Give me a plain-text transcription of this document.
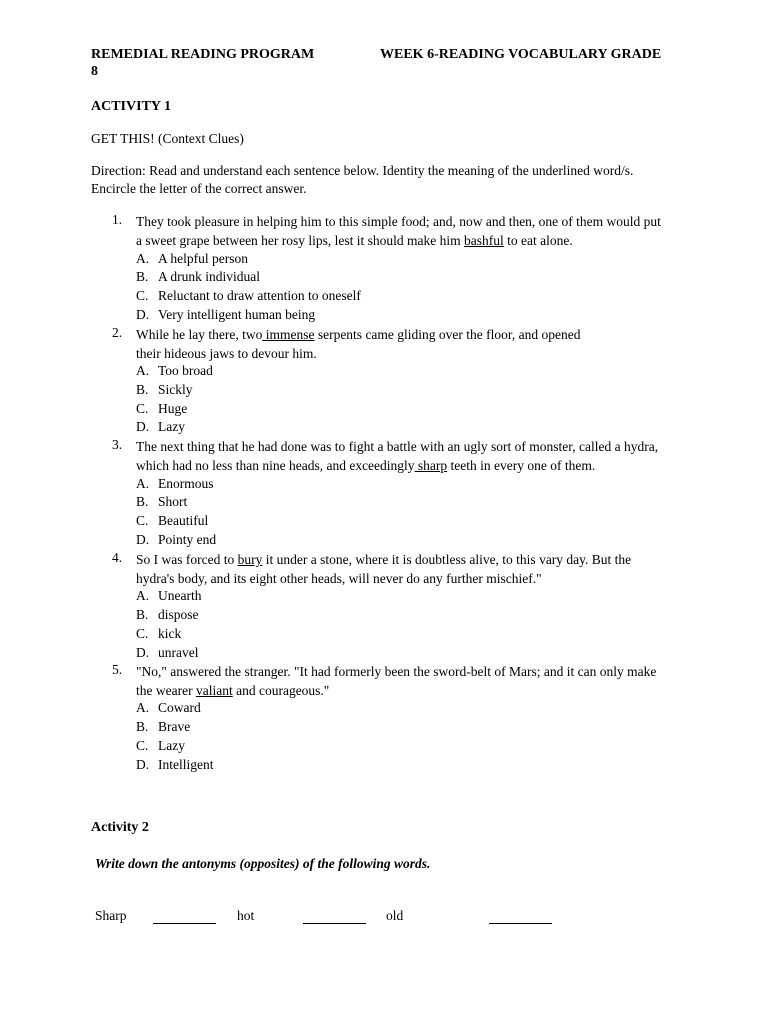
REMEDIAL READING PROGRAM	WEEK 6-READING VOCABULARY GRADE
8
ACTIVITY 1
GET THIS! (Context Clues)
Direction: Read and understand each sentence below. Identity the meaning of the underlined word/s.
Encircle the letter of the correct answer.
1. They took pleasure in helping him to this simple food; and, now and then, one of them would put
a sweet grape between her rosy lips, lest it should make him bashful to eat alone.
A. A helpful person
B. A drunk individual
C. Reluctant to draw attention to oneself
D. Very intelligent human being
2. While he lay there, two immense serpents came gliding over the floor, and opened
their hideous jaws to devour him.
A. Too broad
B. Sickly
C. Huge
D. Lazy
3. The next thing that he had done was to fight a battle with an ugly sort of monster, called a hydra,
which had no less than nine heads, and exceedingly sharp teeth in every one of them.
A. Enormous
B. Short
C. Beautiful
D. Pointy end
4. So I was forced to bury it under a stone, where it is doubtless alive, to this vary day. But the
hydra's body, and its eight other heads, will never do any further mischief."
A. Unearth
B. dispose
C. kick
D. unravel
5. "No," answered the stranger. "It had formerly been the sword-belt of Mars; and it can only make
the wearer valiant and courageous."
A. Coward
B. Brave
C. Lazy
D. Intelligent
Activity 2
Write down the antonyms (opposites) of the following words.
Sharp	hot	old
